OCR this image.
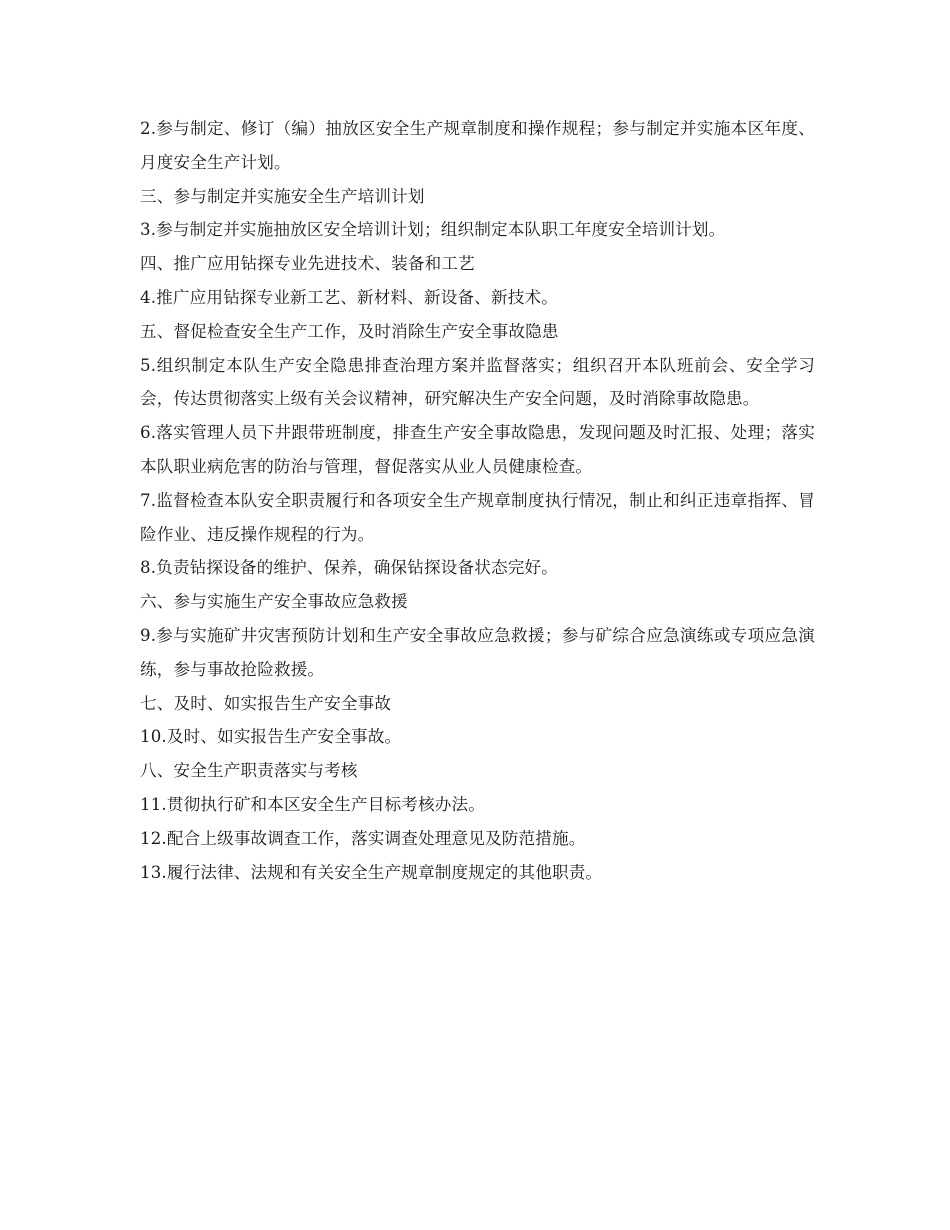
2.参与制定、修订（编）抽放区安全生产规章制度和操作规程；参与制定并实施本区年度、月度安全生产计划。

三、参与制定并实施安全生产培训计划

3.参与制定并实施抽放区安全培训计划；组织制定本队职工年度安全培训计划。

四、推广应用钻探专业先进技术、装备和工艺

4.推广应用钻探专业新工艺、新材料、新设备、新技术。

五、督促检查安全生产工作，及时消除生产安全事故隐患

5.组织制定本队生产安全隐患排查治理方案并监督落实；组织召开本队班前会、安全学习会，传达贯彻落实上级有关会议精神，研究解决生产安全问题，及时消除事故隐患。

6.落实管理人员下井跟带班制度，排查生产安全事故隐患，发现问题及时汇报、处理；落实本队职业病危害的防治与管理，督促落实从业人员健康检查。

7.监督检查本队安全职责履行和各项安全生产规章制度执行情况，制止和纠正违章指挥、冒险作业、违反操作规程的行为。

8.负责钻探设备的维护、保养，确保钻探设备状态完好。

六、参与实施生产安全事故应急救援

9.参与实施矿井灾害预防计划和生产安全事故应急救援；参与矿综合应急演练或专项应急演练，参与事故抢险救援。

七、及时、如实报告生产安全事故

10.及时、如实报告生产安全事故。

八、安全生产职责落实与考核

11.贯彻执行矿和本区安全生产目标考核办法。

12.配合上级事故调查工作，落实调查处理意见及防范措施。

13.履行法律、法规和有关安全生产规章制度规定的其他职责。
